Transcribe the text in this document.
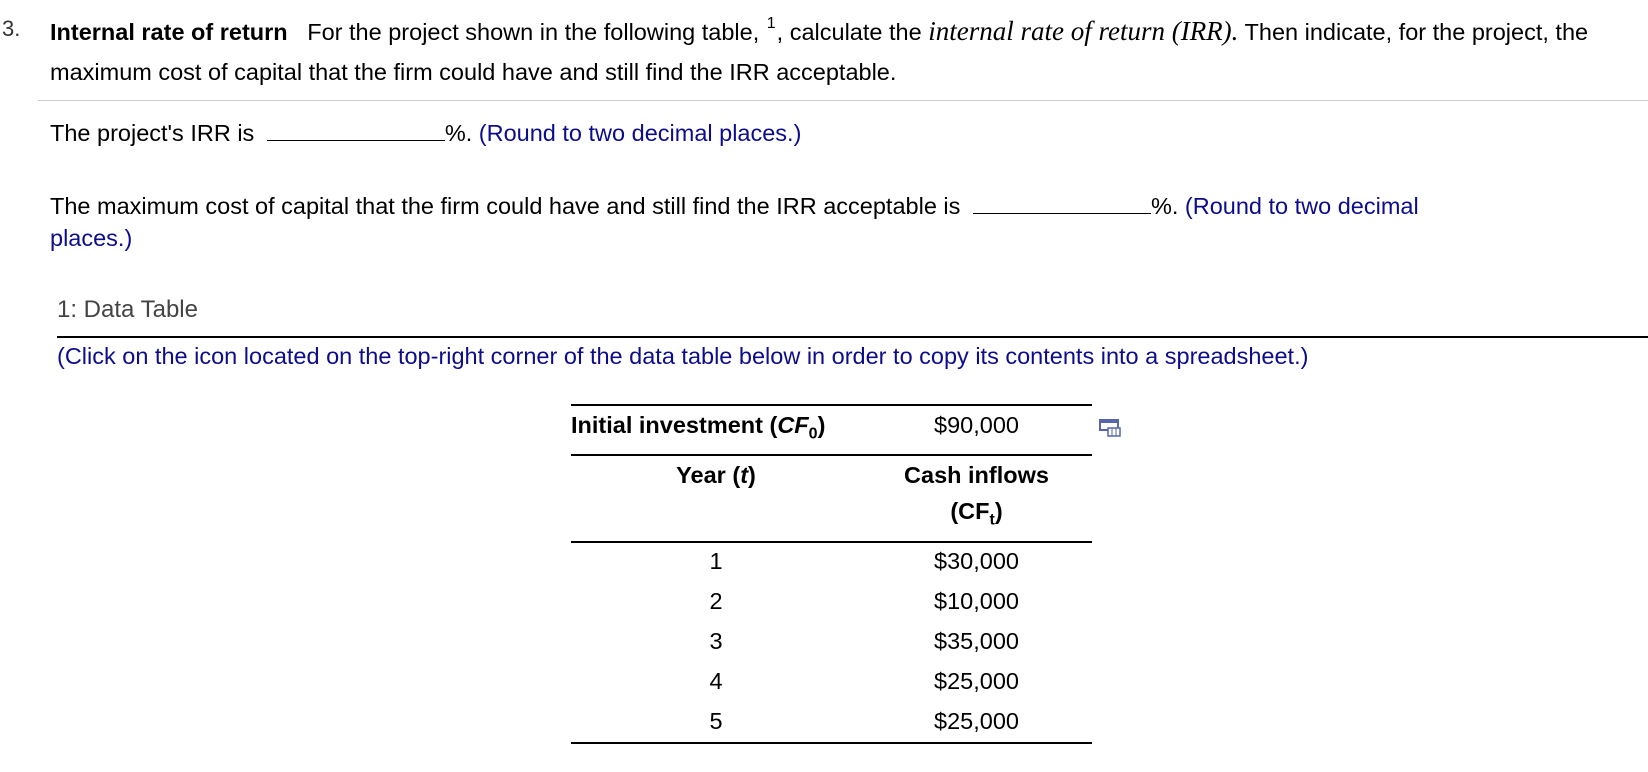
3. Internal rate of return For the project shown in the following table, $^1$, calculate the internal rate of return (IRR). Then indicate, for the project, the maximum cost of capital that the firm could have and still find the IRR acceptable.
The project's IRR is	%. (Round to two decimal places.)
The maximum cost of capital that the firm could have and still find the IRR acceptable is	%. (Round to two decimal
places.)
1: Data Table
(Click on the icon located on the top-right corner of the data table below in order to copy its contents into a spreadsheet.)
Initial investment $(CF_0)$	$90,000
Year (t)	Cash inflows
$(CF_t)$
1	$30,000
2	$10,000
3	$35,000
4	$25,000
5	$25,000
